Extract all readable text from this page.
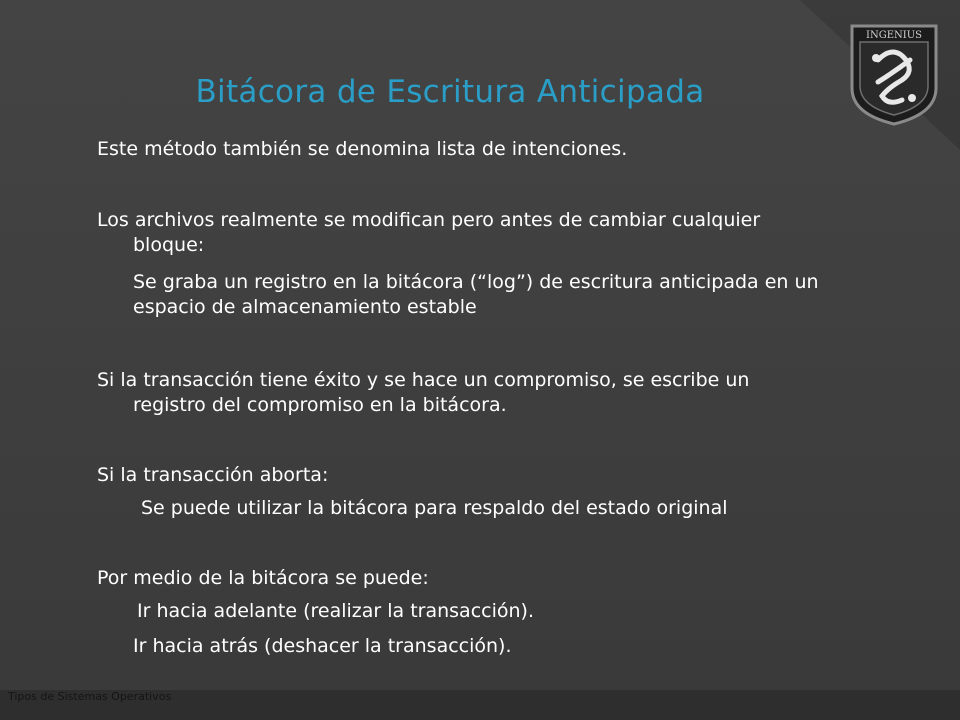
INGENIUS
Bitácora de Escritura Anticipada
Este método también se denomina lista de intenciones.
Los archivos realmente se modifican pero antes de cambiar cualquier
bloque:
Se graba un registro en la bitácora (“log”) de escritura anticipada en un
espacio de almacenamiento estable
Si la transacción tiene éxito y se hace un compromiso, se escribe un
registro del compromiso en la bitácora.
Si la transacción aborta:
Se puede utilizar la bitácora para respaldo del estado original
Por medio de la bitácora se puede:
Ir hacia adelante (realizar la transacción).
Ir hacia atrás (deshacer la transacción).
Tipos de Sistemas Operativos
